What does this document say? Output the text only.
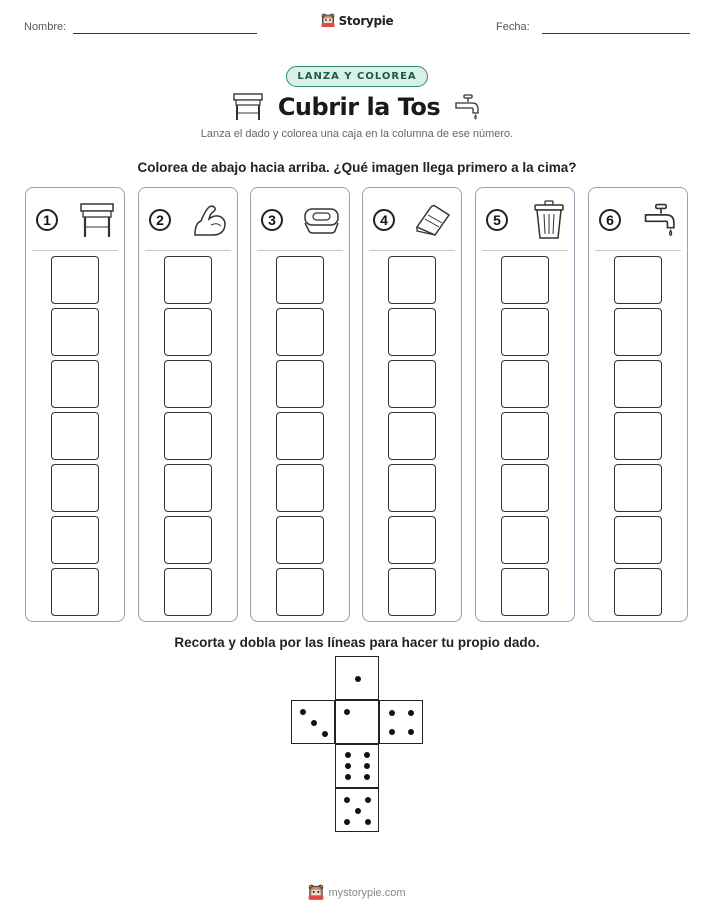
Nombre:	Storypie	Fecha:
LANZA Y COLOREA
Cubrir la Tos
Lanza el dado y colorea una caja en la columna de ese número.
Colorea de abajo hacia arriba. ¿Qué imagen llega primero a la cima?
1	2	3	4	5	6
Recorta y dobla por las líneas para hacer tu propio dado.
mystorypie.com
